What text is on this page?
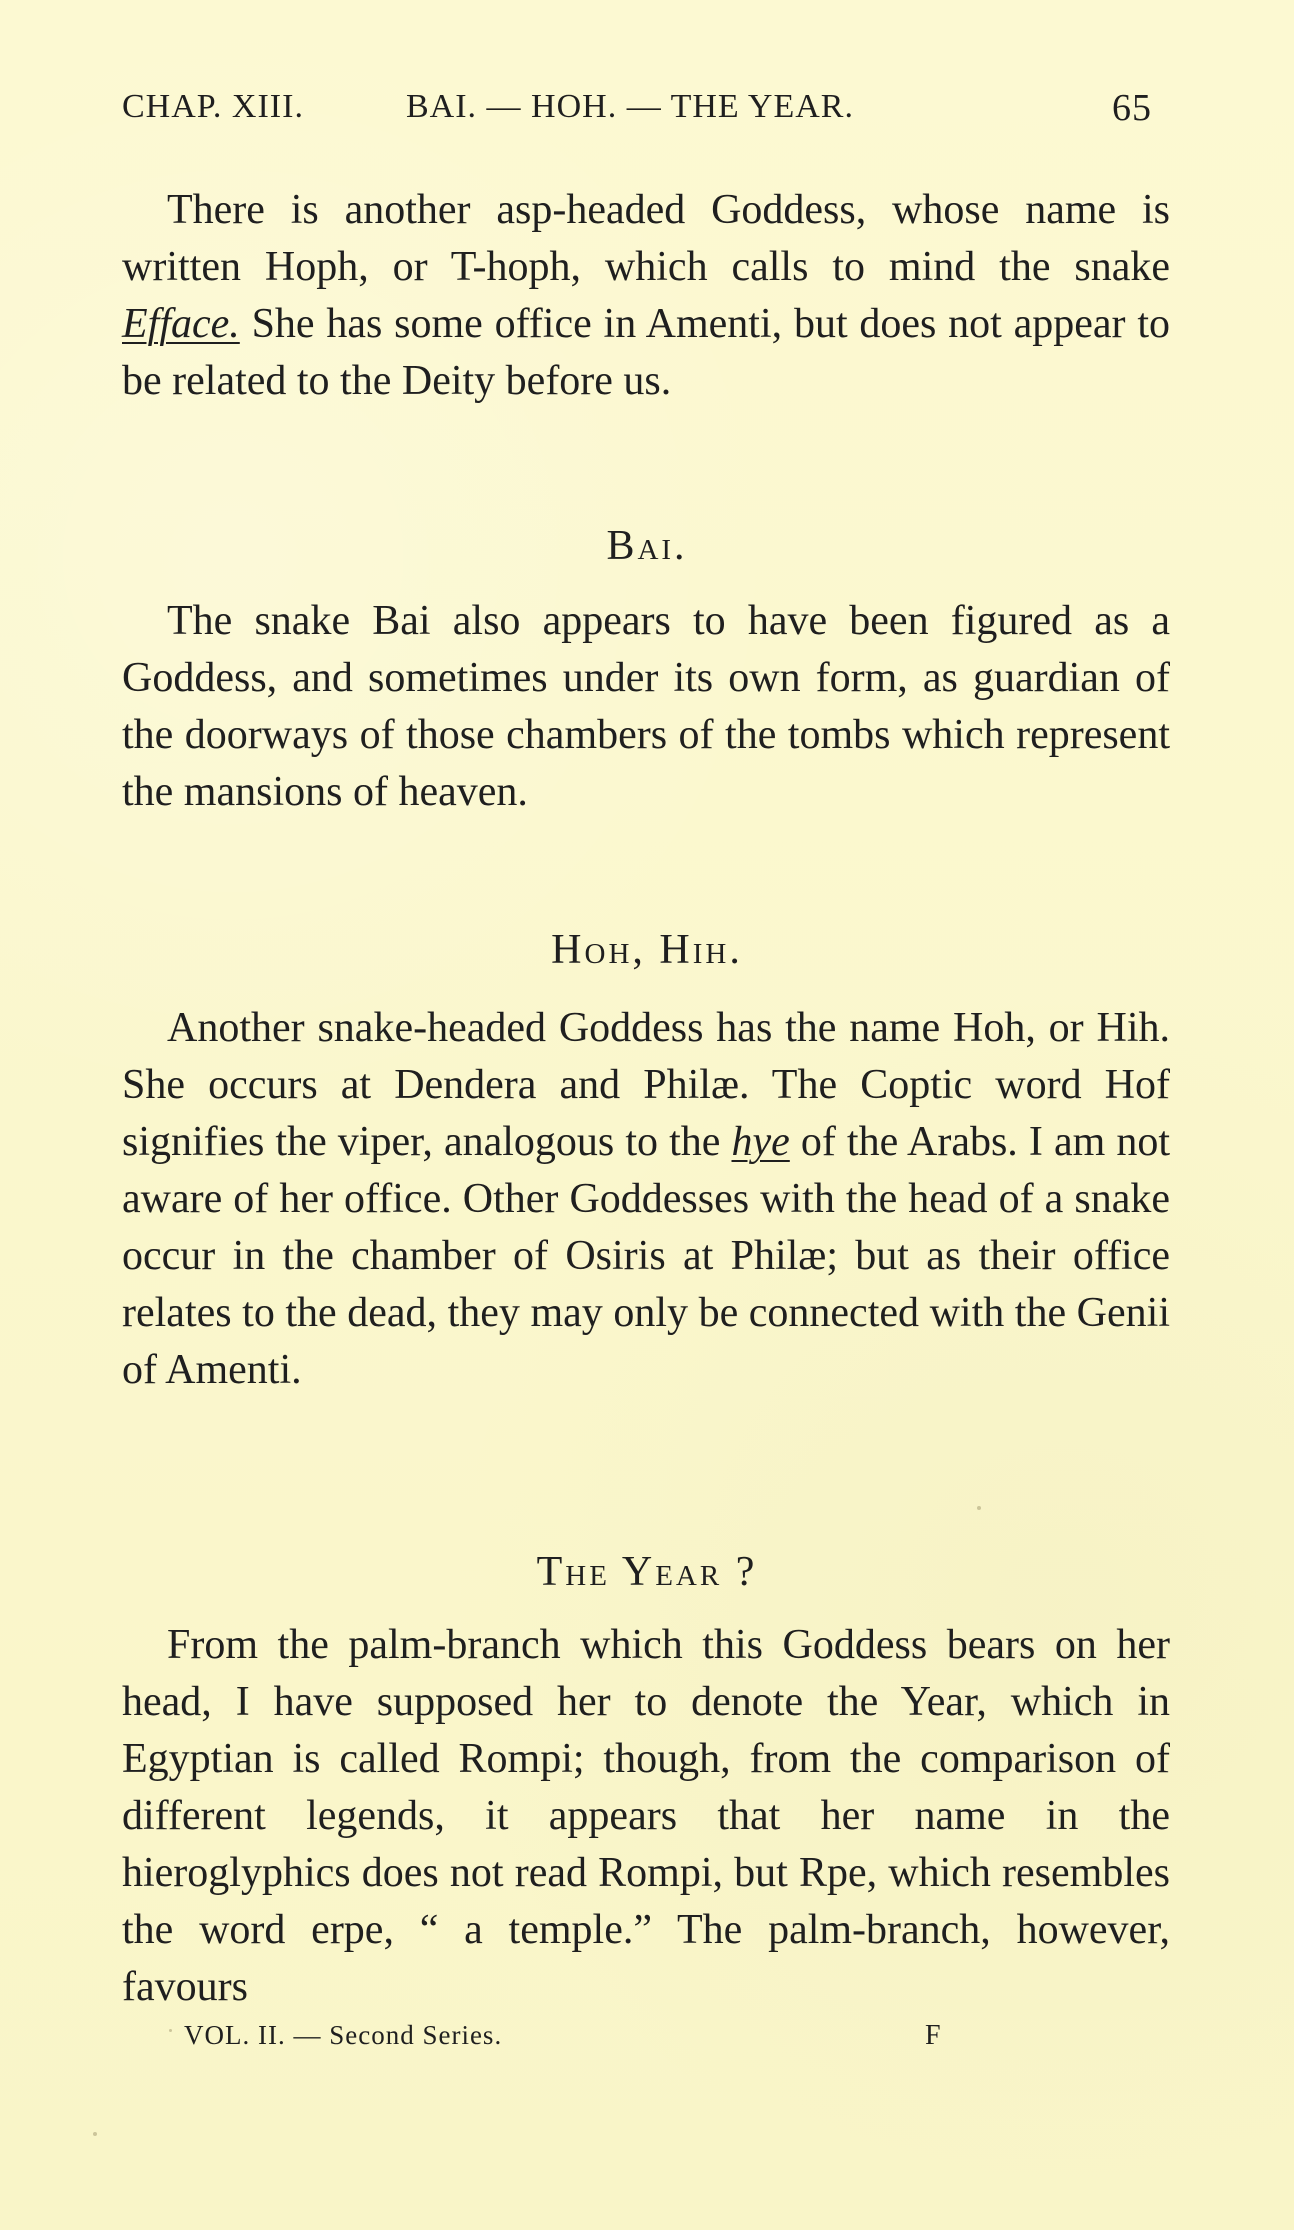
CHAP. XIII.	BAI. — HOH. — THE YEAR.	65

There is another asp-headed Goddess, whose name is written Hoph, or T-hoph, which calls to mind the snake Efface. She has some office in Amenti, but does not appear to be related to the Deity before us.

Bai.

The snake Bai also appears to have been figured as a Goddess, and sometimes under its own form, as guardian of the doorways of those chambers of the tombs which represent the mansions of heaven.

Hoh, Hih.

Another snake-headed Goddess has the name Hoh, or Hih. She occurs at Dendera and Philæ. The Coptic word Hof signifies the viper, analogous to the hye of the Arabs. I am not aware of her office. Other Goddesses with the head of a snake occur in the chamber of Osiris at Philæ; but as their office relates to the dead, they may only be connected with the Genii of Amenti.

The Year ?

From the palm-branch which this Goddess bears on her head, I have supposed her to denote the Year, which in Egyptian is called Rompi; though, from the comparison of different legends, it appears that her name in the hieroglyphics does not read Rompi, but Rpe, which resembles the word erpe, “ a temple.” The palm-branch, however, favours

VOL. II. — Second Series.	F
